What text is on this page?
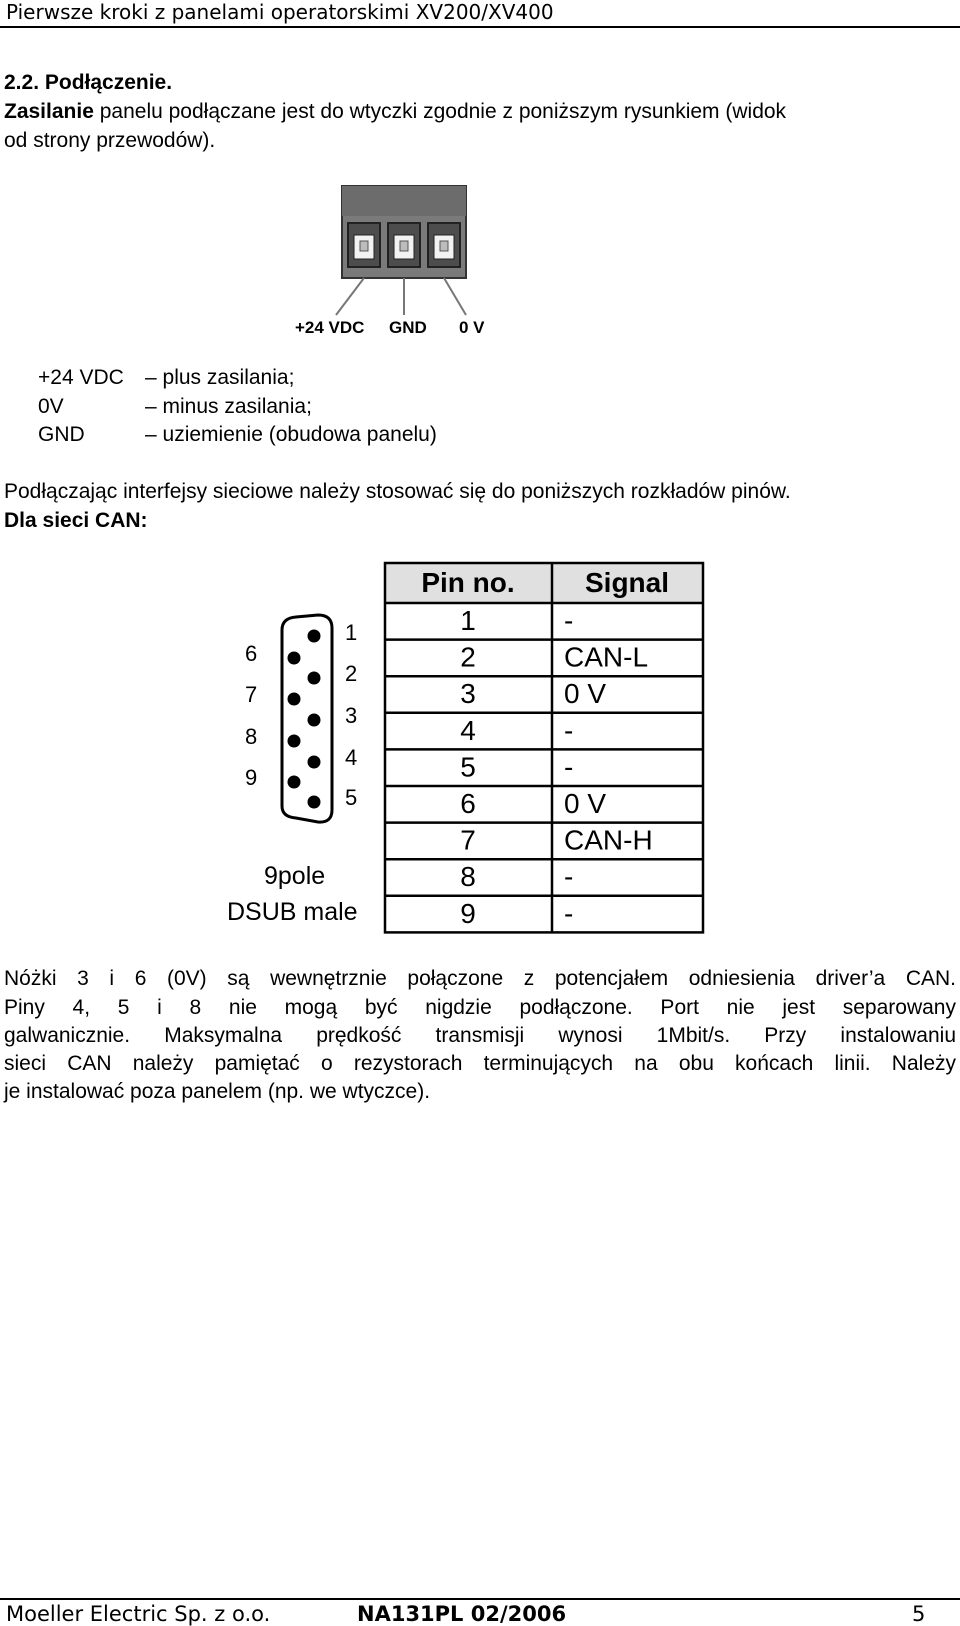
Pierwsze kroki z panelami operatorskimi XV200/XV400
2.2. Podłączenie.
Zasilanie panelu podłączane jest do wtyczki zgodnie z poniższym rysunkiem (widok
od strony przewodów).
+24 VDC GND 0 V
+24 VDC – plus zasilania;
0V	– minus zasilania;
GND	– uziemienie (obudowa panelu)
Podłączając interfejsy sieciowe należy stosować się do poniższych rozkładów pinów.
Dla sieci CAN:
6
7
8
9
1
2
3
4
5
9pole
DSUB male
Pin no.	Signal
1	-
2	CAN-L
3	0 V
4	-
5	-
6	0 V
7	CAN-H
8	-
9	-
Nóżki 3 i 6 (0V) są wewnętrznie połączone z potencjałem odniesienia driver’a CAN.
Piny 4, 5 i 8 nie mogą być nigdzie podłączone. Port nie jest separowany
galwanicznie. Maksymalna prędkość transmisji wynosi 1Mbit/s. Przy instalowaniu
sieci CAN należy pamiętać o rezystorach terminujących na obu końcach linii. Należy
je instalować poza panelem (np. we wtyczce).
Moeller Electric Sp. z o.o.	NA131PL 02/2006	5
